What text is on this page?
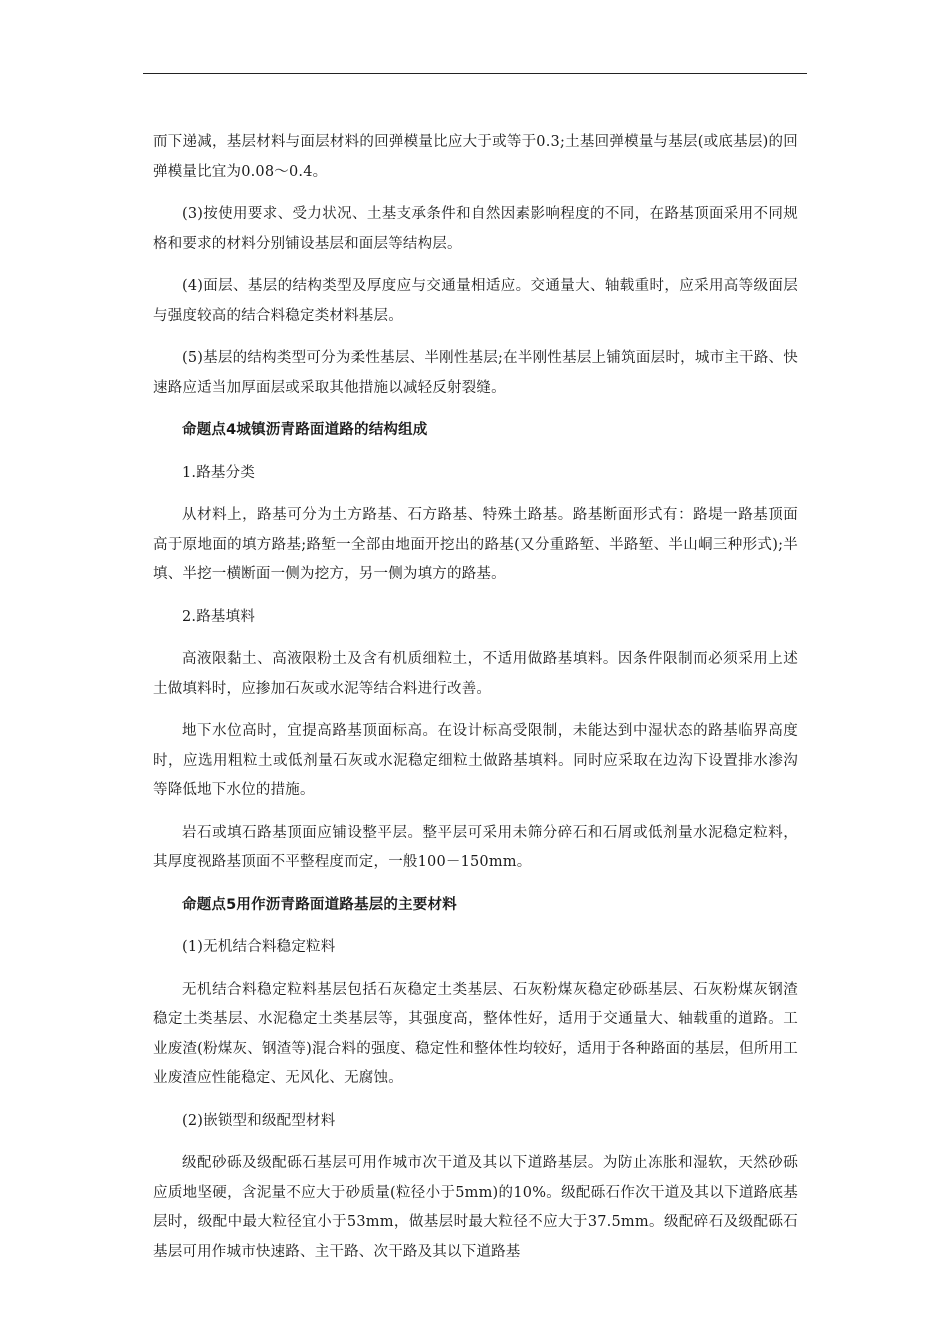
而下递减，基层材料与面层材料的回弹模量比应大于或等于0.3;土基回弹模量与基层(或底基层)的回弹模量比宜为0.08～0.4。

(3)按使用要求、受力状况、土基支承条件和自然因素影响程度的不同，在路基顶面采用不同规格和要求的材料分别铺设基层和面层等结构层。

(4)面层、基层的结构类型及厚度应与交通量相适应。交通量大、轴载重时，应采用高等级面层与强度较高的结合料稳定类材料基层。

(5)基层的结构类型可分为柔性基层、半刚性基层;在半刚性基层上铺筑面层时，城市主干路、快速路应适当加厚面层或采取其他措施以减轻反射裂缝。

命题点4城镇沥青路面道路的结构组成

1.路基分类

从材料上，路基可分为土方路基、石方路基、特殊土路基。路基断面形式有：路堤一路基顶面高于原地面的填方路基;路堑一全部由地面开挖出的路基(又分重路堑、半路堑、半山峒三种形式);半填、半挖一横断面一侧为挖方，另一侧为填方的路基。

2.路基填料

高液限黏土、高液限粉土及含有机质细粒土，不适用做路基填料。因条件限制而必须采用上述土做填料时，应掺加石灰或水泥等结合料进行改善。

地下水位高时，宜提高路基顶面标高。在设计标高受限制，未能达到中湿状态的路基临界高度时，应选用粗粒土或低剂量石灰或水泥稳定细粒土做路基填料。同时应采取在边沟下设置排水渗沟等降低地下水位的措施。

岩石或填石路基顶面应铺设整平层。整平层可采用未筛分碎石和石屑或低剂量水泥稳定粒料，其厚度视路基顶面不平整程度而定，一般100－150mm。

命题点5用作沥青路面道路基层的主要材料

(1)无机结合料稳定粒料

无机结合料稳定粒料基层包括石灰稳定土类基层、石灰粉煤灰稳定砂砾基层、石灰粉煤灰钢渣稳定土类基层、水泥稳定土类基层等，其强度高，整体性好，适用于交通量大、轴载重的道路。工业废渣(粉煤灰、钢渣等)混合料的强度、稳定性和整体性均较好，适用于各种路面的基层，但所用工业废渣应性能稳定、无风化、无腐蚀。

(2)嵌锁型和级配型材料

级配砂砾及级配砾石基层可用作城市次干道及其以下道路基层。为防止冻胀和湿软，天然砂砾应质地坚硬，含泥量不应大于砂质量(粒径小于5mm)的10%。级配砾石作次干道及其以下道路底基层时，级配中最大粒径宜小于53mm，做基层时最大粒径不应大于37.5mm。级配碎石及级配砾石基层可用作城市快速路、主干路、次干路及其以下道路基
